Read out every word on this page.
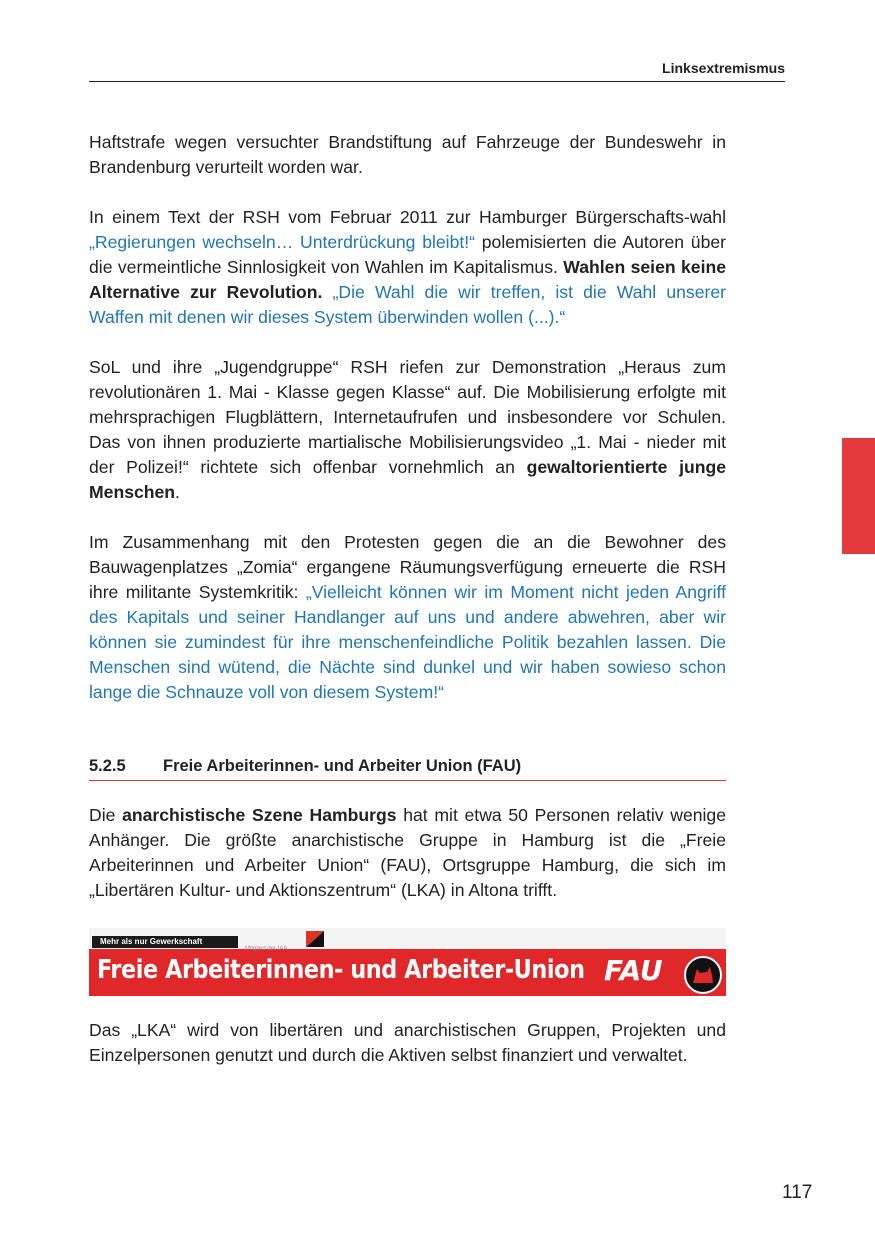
Linksextremismus

Haftstrafe wegen versuchter Brandstiftung auf Fahrzeuge der Bundeswehr in Brandenburg verurteilt worden war.

In einem Text der RSH vom Februar 2011 zur Hamburger Bürgerschafts-wahl „Regierungen wechseln… Unterdrückung bleibt!“ polemisierten die Autoren über die vermeintliche Sinnlosigkeit von Wahlen im Kapitalismus. Wahlen seien keine Alternative zur Revolution. „Die Wahl die wir treffen, ist die Wahl unserer Waffen mit denen wir dieses System überwinden wollen (...).“

SoL und ihre „Jugendgruppe“ RSH riefen zur Demonstration „Heraus zum revolutionären 1. Mai - Klasse gegen Klasse“ auf. Die Mobilisierung erfolgte mit mehrsprachigen Flugblättern, Internetaufrufen und insbesondere vor Schulen. Das von ihnen produzierte martialische Mobilisierungsvideo „1. Mai - nieder mit der Polizei!“ richtete sich offenbar vornehmlich an gewaltorientierte junge Menschen.

Im Zusammenhang mit den Protesten gegen die an die Bewohner des Bauwagenplatzes „Zomia“ ergangene Räumungsverfügung erneuerte die RSH ihre militante Systemkritik: „Vielleicht können wir im Moment nicht jeden Angriff des Kapitals und seiner Handlanger auf uns und andere abwehren, aber wir können sie zumindest für ihre menschenfeindliche Politik bezahlen lassen. Die Menschen sind wütend, die Nächte sind dunkel und wir haben sowieso schon lange die Schnauze voll von diesem System!“

5.2.5	Freie Arbeiterinnen- und Arbeiter Union (FAU)

Die anarchistische Szene Hamburgs hat mit etwa 50 Personen relativ wenige Anhänger. Die größte anarchistische Gruppe in Hamburg ist die „Freie Arbeiterinnen und Arbeiter Union“ (FAU), Ortsgruppe Hamburg, die sich im „Libertären Kultur- und Aktionszentrum“ (LKA) in Altona trifft.

Mehr als nur Gewerkschaft
Mitglied der IAA
Freie Arbeiterinnen- und Arbeiter-Union FAU

Das „LKA“ wird von libertären und anarchistischen Gruppen, Projekten und Einzelpersonen genutzt und durch die Aktiven selbst finanziert und verwaltet.

117
